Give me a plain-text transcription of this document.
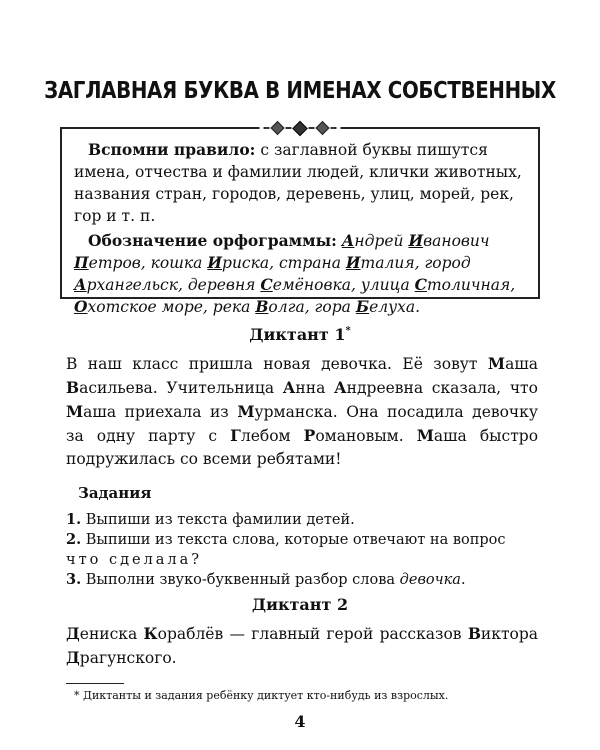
ЗАГЛАВНАЯ БУКВА В ИМЕНАХ СОБСТВЕННЫХ

Вспомни правило: с заглавной буквы пишутся имена, отчества и фамилии людей, клички животных, названия стран, городов, деревень, улиц, морей, рек, гор и т. п.

Обозначение орфограммы: Андрей Иванович Петров, кошка Ириска, страна Италия, город Архангельск, деревня Семёновка, улица Столичная, Охотское море, река Волга, гора Белуха.

Диктант 1*
В наш класс пришла новая девочка. Её зовут Маша Васильева. Учительница Анна Андреевна сказала, что Маша приехала из Мурманска. Она посадила девочку за одну парту с Глебом Романовым. Маша быстро подружилась со всеми ребятами!
Задания
1. Выпиши из текста фамилии детей.
2. Выпиши из текста слова, которые отвечают на вопрос что сделала?
3. Выполни звуко-буквенный разбор слова девочка.
Диктант 2
Дениска Кораблёв — главный герой рассказов Виктора Драгунского.
* Диктанты и задания ребёнку диктует кто-нибудь из взрослых.
4
